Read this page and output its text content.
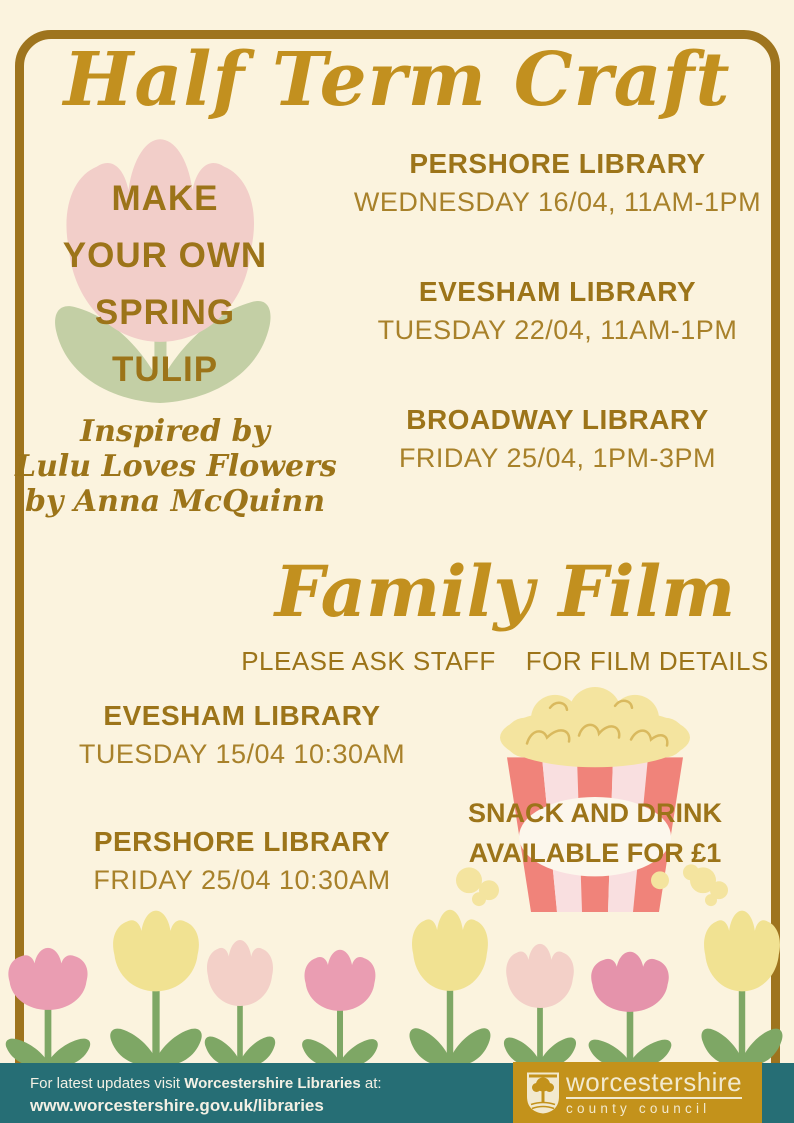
Half Term Craft
MAKE
YOUR OWN
SPRING
TULIP
Inspired by
Lulu Loves Flowers
by Anna McQuinn
PERSHORE LIBRARY
WEDNESDAY 16/04, 11AM-1PM
EVESHAM LIBRARY
TUESDAY 22/04, 11AM-1PM
BROADWAY LIBRARY
FRIDAY 25/04, 1PM-3PM
Family Film
PLEASE ASK STAFF FOR FILM DETAILS
EVESHAM LIBRARY
TUESDAY 15/04 10:30AM
PERSHORE LIBRARY
FRIDAY 25/04 10:30AM
SNACK AND DRINK
AVAILABLE FOR £1
For latest updates visit Worcestershire Libraries at:
www.worcestershire.gov.uk/libraries
worcestershire
county council
